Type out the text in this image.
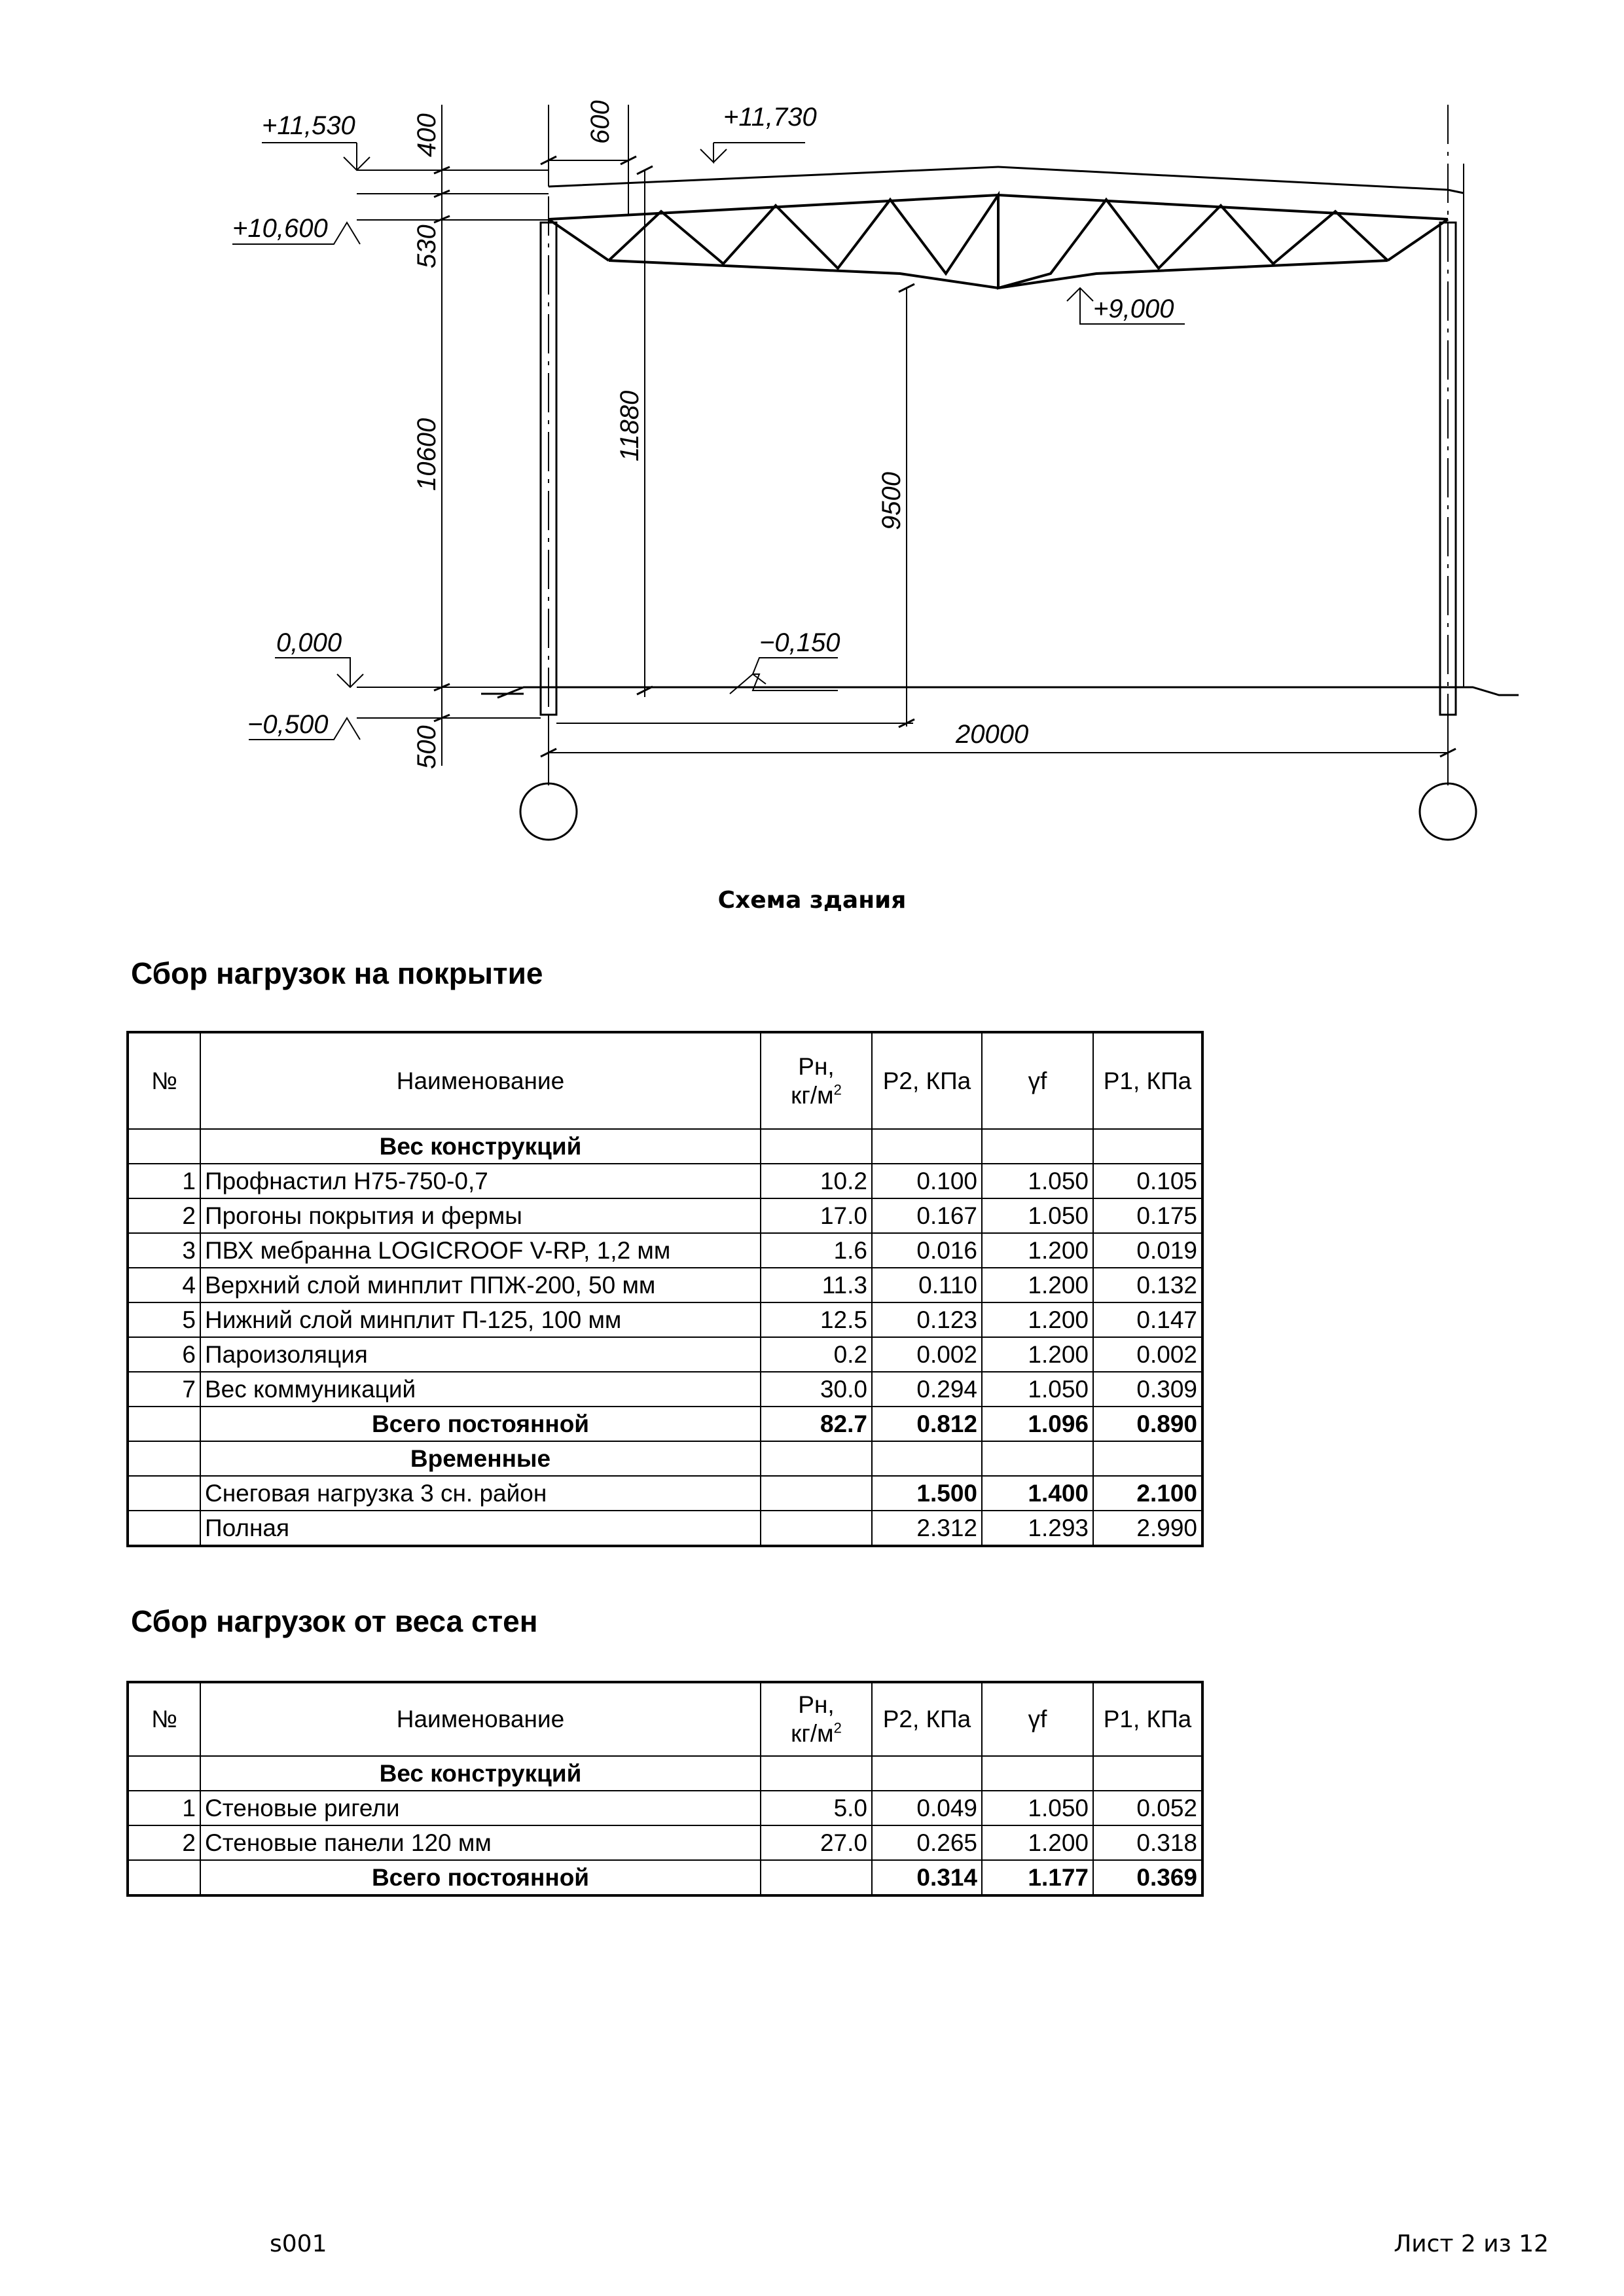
+11,530	+11,730
+10,600
+9,000
0,000	−0,150
−0,500
400	600
530
10600	11880
9500
500	20000
Схема здания
Сбор нагрузок на покрытие
№	Наименование	Pн,
$кг/м^2$	P2, КПа	γf	P1, КПа
	Вес конструкций				
1	Профнастил Н75-750-0,7	10.2	0.100	1.050	0.105
2	Прогоны покрытия и фермы	17.0	0.167	1.050	0.175
3	ПВХ мебранна LOGICROOF V-RP, 1,2 мм	1.6	0.016	1.200	0.019
4	Верхний слой минплит ППЖ-200, 50 мм	11.3	0.110	1.200	0.132
5	Нижний слой минплит П-125, 100 мм	12.5	0.123	1.200	0.147
6	Пароизоляция	0.2	0.002	1.200	0.002
7	Вес коммуникаций	30.0	0.294	1.050	0.309
	Всего постоянной	82.7	0.812	1.096	0.890
	Временные				
	Снеговая нагрузка 3 сн. район		1.500	1.400	2.100
	Полная		2.312	1.293	2.990
Сбор нагрузок от веса стен
№	Наименование	Pн,
$кг/м^2$	P2, КПа	γf	P1, КПа
	Вес конструкций				
1	Стеновые ригели	5.0	0.049	1.050	0.052
2	Стеновые панели 120 мм	27.0	0.265	1.200	0.318
	Всего постоянной		0.314	1.177	0.369
s001	Лист 2 из 12
